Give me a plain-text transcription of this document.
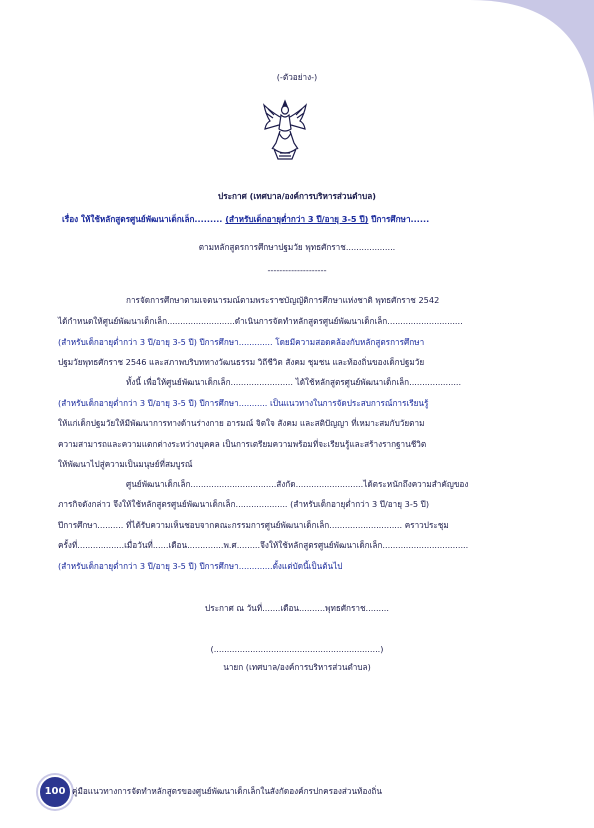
(-ตัวอย่าง-)
ประกาศ (เทศบาล/องค์การบริหารส่วนตำบล)
เรื่อง ให้ใช้หลักสูตรศูนย์พัฒนาเด็กเล็ก......... (สำหรับเด็กอายุต่ำกว่า 3 ปี/อายุ 3-5 ปี) ปีการศึกษา......
ตามหลักสูตรการศึกษาปฐมวัย พุทธศักราช...................
--------------------
การจัดการศึกษาตามเจตนารมณ์ตามพระราชบัญญัติการศึกษาแห่งชาติ พุทธศักราช 2542
ได้กำหนดให้ศูนย์พัฒนาเด็กเล็ก..........................ดำเนินการจัดทำหลักสูตรศูนย์พัฒนาเด็กเล็ก.............................
(สำหรับเด็กอายุต่ำกว่า 3 ปี/อายุ 3-5 ปี) ปีการศึกษา............. โดยมีความสอดคล้องกับหลักสูตรการศึกษา
ปฐมวัยพุทธศักราช 2546 และสภาพบริบททางวัฒนธรรม วิถีชีวิต สังคม ชุมชน และท้องถิ่นของเด็กปฐมวัย
ทั้งนี้ เพื่อให้ศูนย์พัฒนาเด็กเล็ก........................ ได้ใช้หลักสูตรศูนย์พัฒนาเด็กเล็ก....................
(สำหรับเด็กอายุต่ำกว่า 3 ปี/อายุ 3-5 ปี) ปีการศึกษา........... เป็นแนวทางในการจัดประสบการณ์การเรียนรู้
ให้แก่เด็กปฐมวัยให้มีพัฒนาการทางด้านร่างกาย อารมณ์ จิตใจ สังคม และสติปัญญา ที่เหมาะสมกับวัยตาม
ความสามารถและความแตกต่างระหว่างบุคคล เป็นการเตรียมความพร้อมที่จะเรียนรู้และสร้างรากฐานชีวิต
ให้พัฒนาไปสู่ความเป็นมนุษย์ที่สมบูรณ์
ศูนย์พัฒนาเด็กเล็ก.................................สังกัด..........................ได้ตระหนักถึงความสำคัญของ
ภารกิจดังกล่าว จึงให้ใช้หลักสูตรศูนย์พัฒนาเด็กเล็ก.................... (สำหรับเด็กอายุต่ำกว่า 3 ปี/อายุ 3-5 ปี)
ปีการศึกษา.......... ที่ได้รับความเห็นชอบจากคณะกรรมการศูนย์พัฒนาเด็กเล็ก............................ คราวประชุม
ครั้งที่..................เมื่อวันที่......เดือน..............พ.ศ.........จึงให้ใช้หลักสูตรศูนย์พัฒนาเด็กเล็ก.................................
(สำหรับเด็กอายุต่ำกว่า 3 ปี/อายุ 3-5 ปี) ปีการศึกษา.............ตั้งแต่บัดนี้เป็นต้นไป
ประกาศ ณ วันที่.......เดือน..........พุทธศักราช.........
(................................................................)
นายก (เทศบาล/องค์การบริหารส่วนตำบล)
100 คู่มือแนวทางการจัดทำหลักสูตรของศูนย์พัฒนาเด็กเล็กในสังกัดองค์กรปกครองส่วนท้องถิ่น
